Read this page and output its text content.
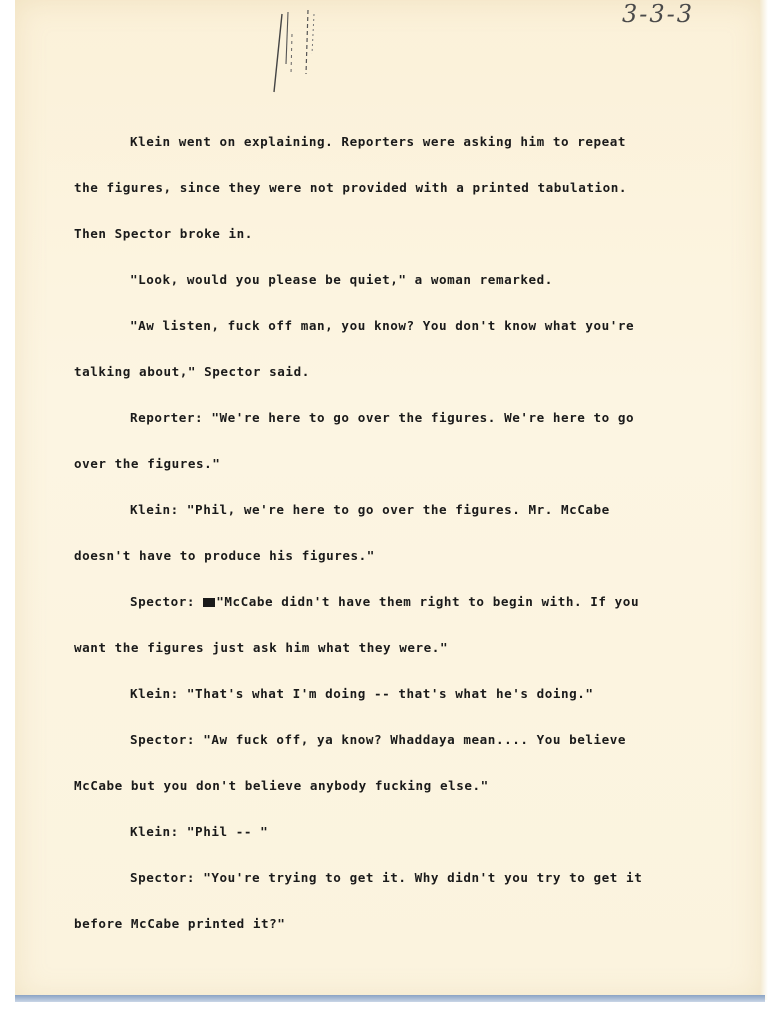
3-3-3

Klein went on explaining. Reporters were asking him to repeat

the figures, since they were not provided with a printed tabulation.

Then Spector broke in.

"Look, would you please be quiet," a woman remarked.

"Aw listen, fuck off man, you know? You don't know what you're

talking about," Spector said.

Reporter: "We're here to go over the figures. We're here to go

over the figures."

Klein: "Phil, we're here to go over the figures. Mr. McCabe

doesn't have to produce his figures."

Spector: "McCabe didn't have them right to begin with. If you

want the figures just ask him what they were."

Klein: "That's what I'm doing -- that's what he's doing."

Spector: "Aw fuck off, ya know? Whaddaya mean.... You believe

McCabe but you don't believe anybody fucking else."

Klein: "Phil -- "

Spector: "You're trying to get it. Why didn't you try to get it

before McCabe printed it?"
